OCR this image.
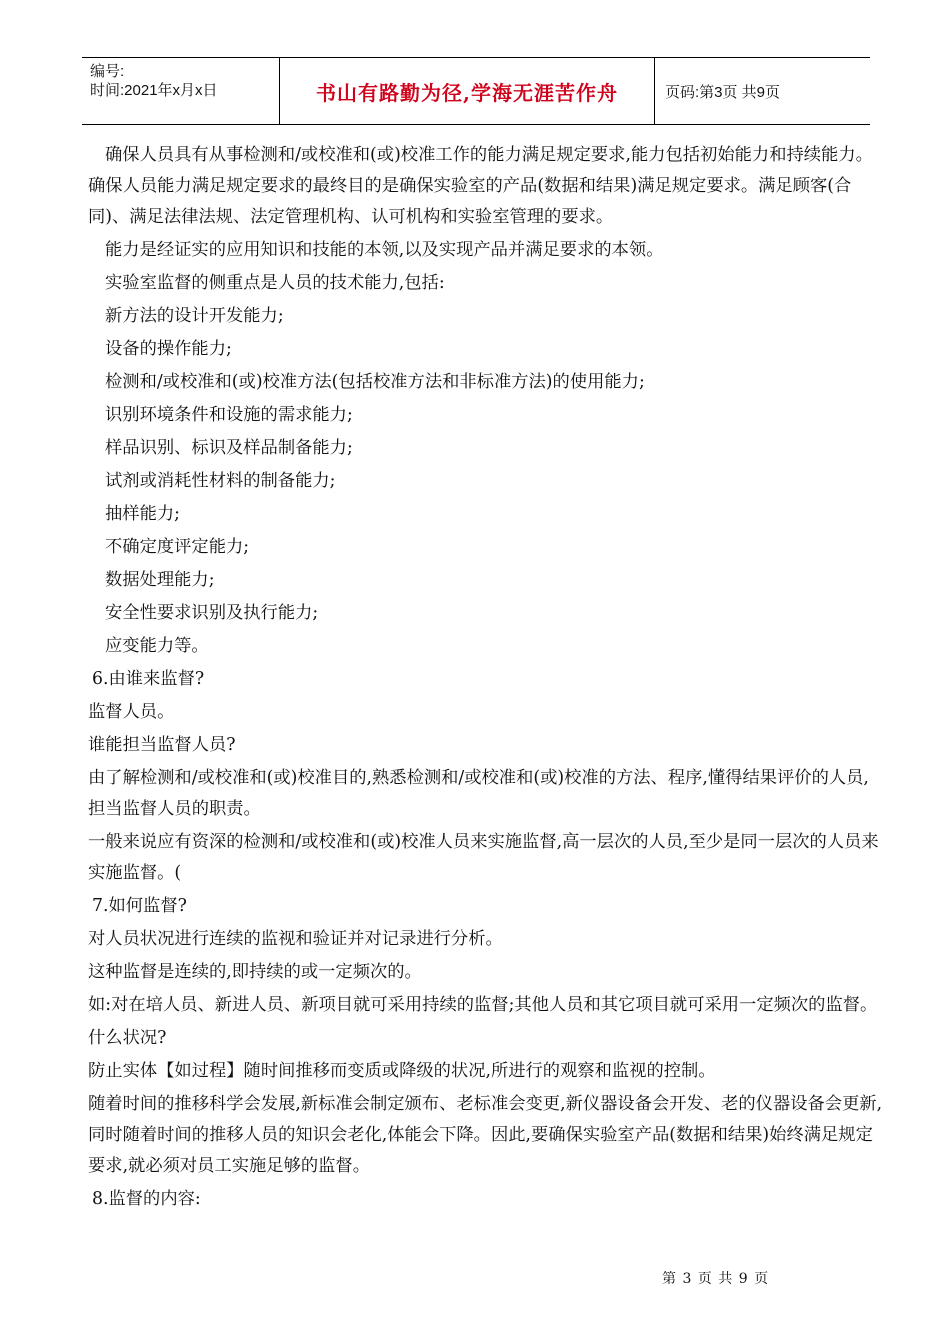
编号:
时间:2021年x月x日	书山有路勤为径,学海无涯苦作舟	页码:第3页 共9页

确保人员具有从事检测和/或校准和(或)校准工作的能力满足规定要求,能力包括初始能力和持续能力。确保人员能力满足规定要求的最终目的是确保实验室的产品(数据和结果)满足规定要求。满足顾客(合同)、满足法律法规、法定管理机构、认可机构和实验室管理的要求。

能力是经证实的应用知识和技能的本领,以及实现产品并满足要求的本领。

实验室监督的侧重点是人员的技术能力,包括:

新方法的设计开发能力;

设备的操作能力;

检测和/或校准和(或)校准方法(包括校准方法和非标准方法)的使用能力;

识别环境条件和设施的需求能力;

样品识别、标识及样品制备能力;

试剂或消耗性材料的制备能力;

抽样能力;

不确定度评定能力;

数据处理能力;

安全性要求识别及执行能力;

应变能力等。

6.由谁来监督?

监督人员。

谁能担当监督人员?

由了解检测和/或校准和(或)校准目的,熟悉检测和/或校准和(或)校准的方法、程序,懂得结果评价的人员,担当监督人员的职责。

一般来说应有资深的检测和/或校准和(或)校准人员来实施监督,高一层次的人员,至少是同一层次的人员来实施监督。(

7.如何监督?

对人员状况进行连续的监视和验证并对记录进行分析。

这种监督是连续的,即持续的或一定频次的。

如:对在培人员、新进人员、新项目就可采用持续的监督;其他人员和其它项目就可采用一定频次的监督。

什么状况?

防止实体【如过程】随时间推移而变质或降级的状况,所进行的观察和监视的控制。

随着时间的推移科学会发展,新标准会制定颁布、老标准会变更,新仪器设备会开发、老的仪器设备会更新,同时随着时间的推移人员的知识会老化,体能会下降。因此,要确保实验室产品(数据和结果)始终满足规定要求,就必须对员工实施足够的监督。

8.监督的内容:

第 3 页 共 9 页
